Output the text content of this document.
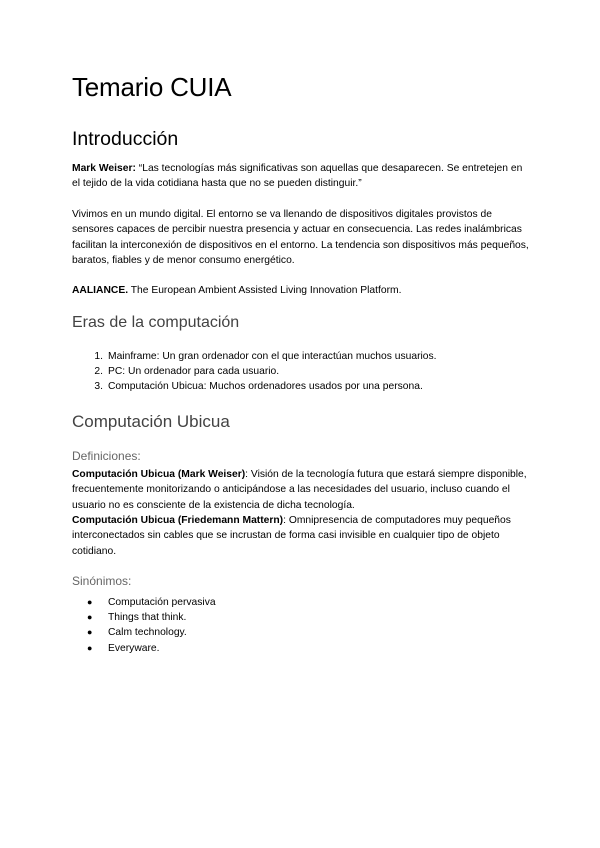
Temario CUIA
Introducción

Mark Weiser: “Las tecnologías más significativas son aquellas que desaparecen. Se entretejen en el tejido de la vida cotidiana hasta que no se pueden distinguir.”

Vivimos en un mundo digital. El entorno se va llenando de dispositivos digitales provistos de sensores capaces de percibir nuestra presencia y actuar en consecuencia. Las redes inalámbricas facilitan la interconexión de dispositivos en el entorno. La tendencia son dispositivos más pequeños, baratos, fiables y de menor consumo energético.

AALIANCE. The European Ambient Assisted Living Innovation Platform.

Eras de la computación
1. Mainframe: Un gran ordenador con el que interactúan muchos usuarios.
2. PC: Un ordenador para cada usuario.
3. Computación Ubicua: Muchos ordenadores usados por una persona.
Computación Ubicua
Definiciones:

Computación Ubicua (Mark Weiser): Visión de la tecnología futura que estará siempre disponible, frecuentemente monitorizando o anticipándose a las necesidades del usuario, incluso cuando el usuario no es consciente de la existencia de dicha tecnología.

Computación Ubicua (Friedemann Mattern): Omnipresencia de computadores muy pequeños interconectados sin cables que se incrustan de forma casi invisible en cualquier tipo de objeto cotidiano.

Sinónimos:
●	Computación pervasiva
●	Things that think.
●	Calm technology.
●	Everyware.
